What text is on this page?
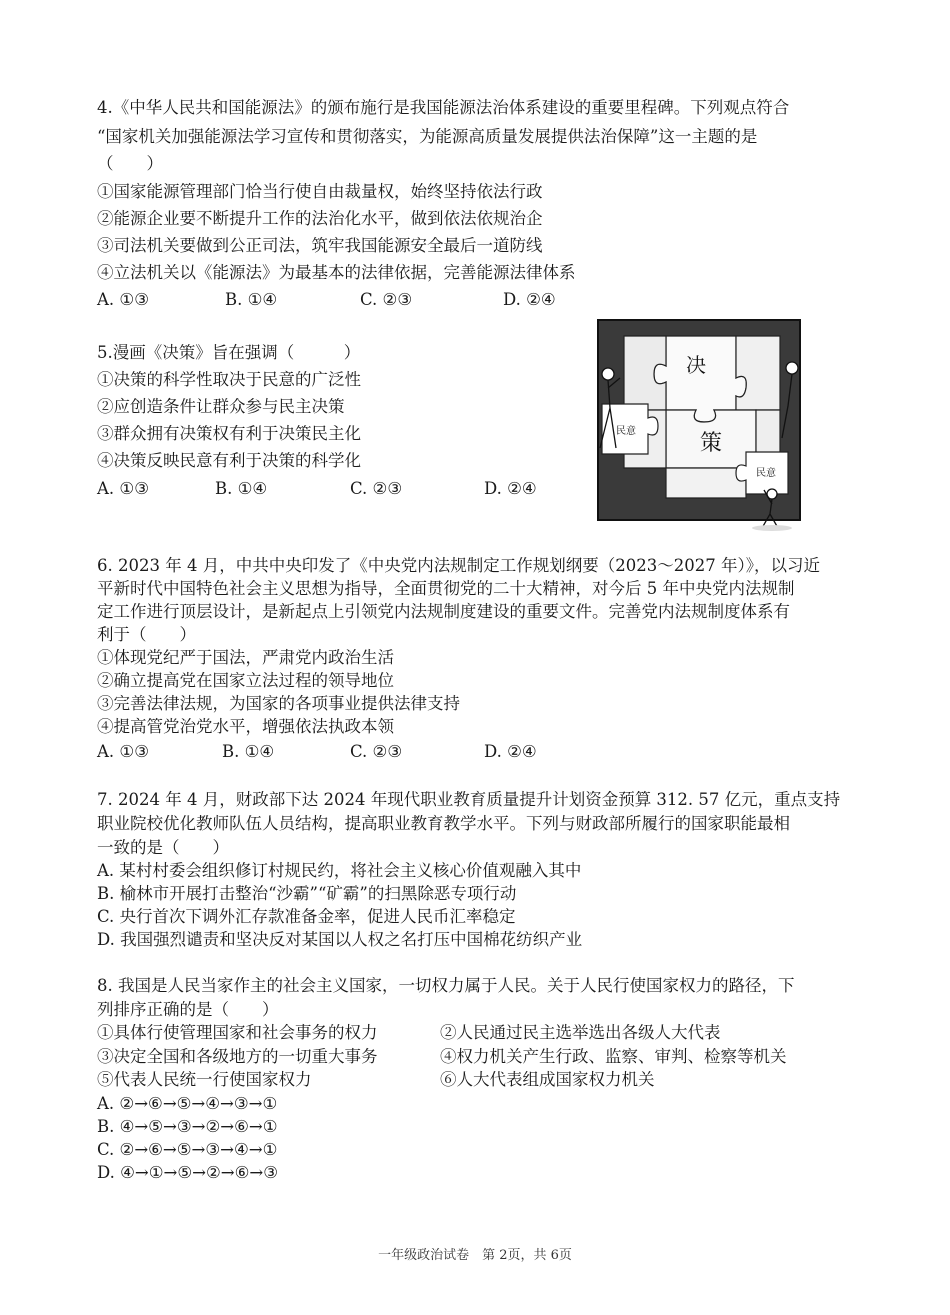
4.《中华人民共和国能源法》的颁布施行是我国能源法治体系建设的重要里程碑。下列观点符合
“国家机关加强能源法学习宣传和贯彻落实，为能源高质量发展提供法治保障”这一主题的是
（　　）
①国家能源管理部门恰当行使自由裁量权，始终坚持依法行政
②能源企业要不断提升工作的法治化水平，做到依法依规治企
③司法机关要做到公正司法，筑牢我国能源安全最后一道防线
④立法机关以《能源法》为最基本的法律依据，完善能源法律体系
A. ①③	B. ①④	C. ②③	D. ②④
5.漫画《决策》旨在强调（　　　）
①决策的科学性取决于民意的广泛性
②应创造条件让群众参与民主决策
③群众拥有决策权有利于决策民主化
④决策反映民意有利于决策的科学化
A. ①③	B. ①④	C. ②③	D. ②④
决
策
民意
民意
6. 2023 年 4 月，中共中央印发了《中央党内法规制定工作规划纲要（2023～2027 年）》，以习近
平新时代中国特色社会主义思想为指导，全面贯彻党的二十大精神，对今后 5 年中央党内法规制
定工作进行顶层设计，是新起点上引领党内法规制度建设的重要文件。完善党内法规制度体系有
利于（　　）
①体现党纪严于国法，严肃党内政治生活
②确立提高党在国家立法过程的领导地位
③完善法律法规，为国家的各项事业提供法律支持
④提高管党治党水平，增强依法执政本领
A. ①③	B. ①④	C. ②③	D. ②④
7. 2024 年 4 月，财政部下达 2024 年现代职业教育质量提升计划资金预算 312. 57 亿元，重点支持
职业院校优化教师队伍人员结构，提高职业教育教学水平。下列与财政部所履行的国家职能最相
一致的是（　　）
A. 某村村委会组织修订村规民约，将社会主义核心价值观融入其中
B. 榆林市开展打击整治“沙霸”“矿霸”的扫黑除恶专项行动
C. 央行首次下调外汇存款准备金率，促进人民币汇率稳定
D. 我国强烈谴责和坚决反对某国以人权之名打压中国棉花纺织产业
8. 我国是人民当家作主的社会主义国家，一切权力属于人民。关于人民行使国家权力的路径，下
列排序正确的是（　　）
①具体行使管理国家和社会事务的权力	②人民通过民主选举选出各级人大代表
③决定全国和各级地方的一切重大事务	④权力机关产生行政、监察、审判、检察等机关
⑤代表人民统一行使国家权力	⑥人大代表组成国家权力机关
A. ②→⑥→⑤→④→③→①
B. ④→⑤→③→②→⑥→①
C. ②→⑥→⑤→③→④→①
D. ④→①→⑤→②→⑥→③
一年级政治试卷　第 2页，共 6页
